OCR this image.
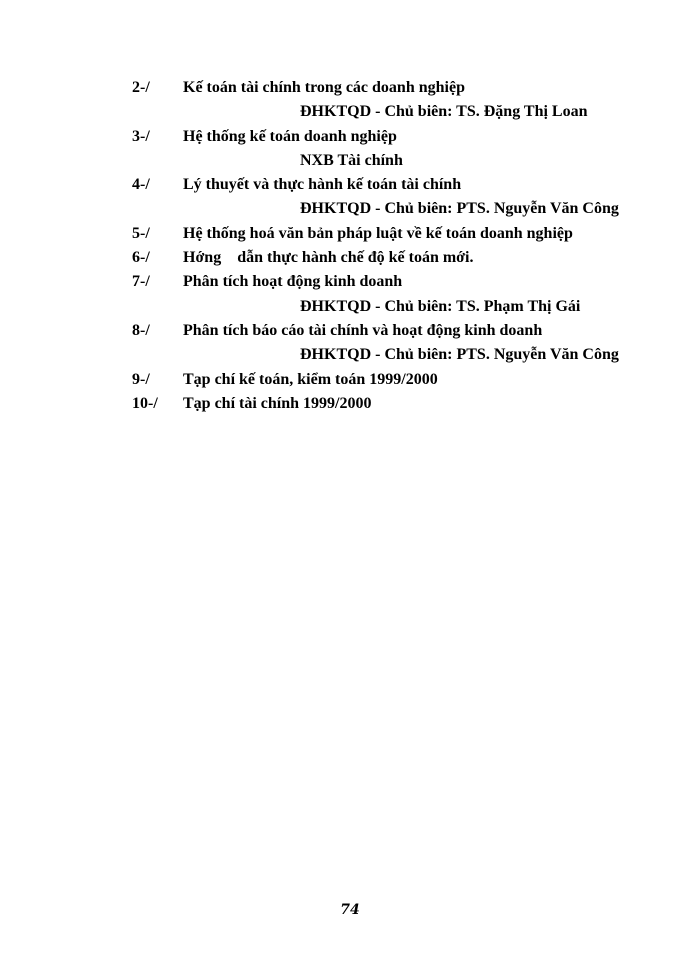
2-/ Kế toán tài chính trong các doanh nghiệp
ĐHKTQD - Chủ biên: TS. Đặng Thị Loan
3-/ Hệ thống kế toán doanh nghiệp
NXB Tài chính
4-/ Lý thuyết và thực hành kế toán tài chính
ĐHKTQD - Chủ biên: PTS. Nguyễn Văn Công
5-/ Hệ thống hoá văn bản pháp luật về kế toán doanh nghiệp
6-/ Hớng    dẫn thực hành chế độ kế toán mới.
7-/ Phân tích hoạt động kinh doanh
ĐHKTQD - Chủ biên: TS. Phạm Thị Gái
8-/ Phân tích báo cáo tài chính và hoạt động kinh doanh
ĐHKTQD - Chủ biên: PTS. Nguyễn Văn Công
9-/ Tạp chí kế toán, kiểm toán 1999/2000
10-/ Tạp chí tài chính 1999/2000
74
